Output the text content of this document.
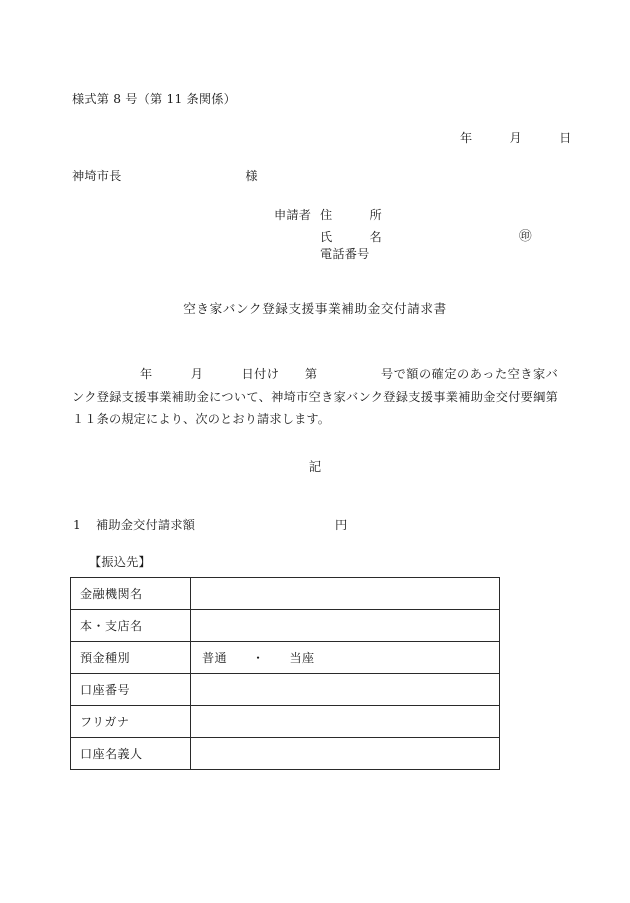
様式第 8 号（第 11 条関係）
年　　　月　　　日
神埼市長　　　　　　　　　　様
申請者 住　　　所
氏　　　名	㊞
電話番号
空き家バンク登録支援事業補助金交付請求書
年　　　月　　　日付け　　第　　　　　号で額の確定のあった空き家バンク登録支援事業補助金について、神埼市空き家バンク登録支援事業補助金交付要綱第１１条の規定により、次のとおり請求します。
記
1 補助金交付請求額	円
【振込先】
金融機関名	
本・支店名	
預金種別	普通　　・　　当座
口座番号	
フリガナ	
口座名義人	
